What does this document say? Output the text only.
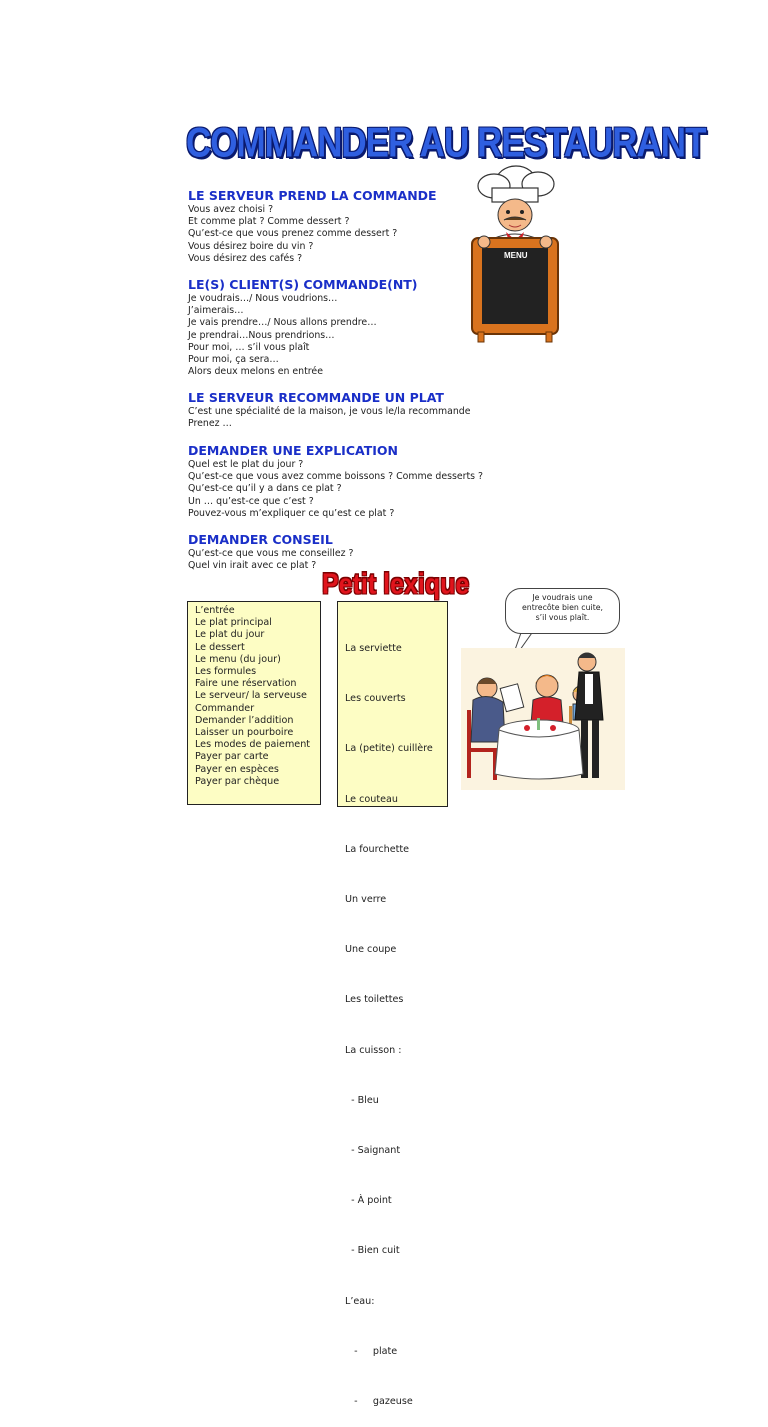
COMMANDER AU RESTAURANT
LE SERVEUR PREND LA COMMANDE
Vous avez choisi ?
Et comme plat ? Comme dessert ?
Qu’est-ce que vous prenez comme dessert ?
Vous désirez boire du vin ?
Vous désirez des cafés ?
LE(S) CLIENT(S) COMMANDE(NT)
Je voudrais…/ Nous voudrions…
J’aimerais…
Je vais prendre…/ Nous allons prendre…
Je prendrai…Nous prendrions…
Pour moi, … s’il vous plaît
Pour moi, ça sera…
Alors deux melons en entrée
LE SERVEUR RECOMMANDE UN PLAT
C’est une spécialité de la maison, je vous le/la recommande
Prenez …
DEMANDER UNE EXPLICATION
Quel est le plat du jour ?
Qu’est-ce que vous avez comme boissons ? Comme desserts ?
Qu’est-ce qu’il y a dans ce plat ?
Un … qu’est-ce que c’est ?
Pouvez-vous m’expliquer ce qu’est ce plat ?
DEMANDER CONSEIL
Qu’est-ce que vous me conseillez ?
Quel vin irait avec ce plat ?
MENU
Petit lexique
L’entrée
Le plat principal
Le plat du jour
Le dessert
Le menu (du jour)
Les formules
Faire une réservation
Le serveur/ la serveuse
Commander
Demander l’addition
Laisser un pourboire
Les modes de paiement
Payer par carte
Payer en espèces
Payer par chèque

La serviette

Les couverts

La (petite) cuillère

Le couteau

La fourchette

Un verre

Une coupe

Les toilettes

La cuisson :

- Bleu

- Saignant

- À point

- Bien cuit

L’eau:

-     plate

-     gazeuse

Je voudrais une
entrecôte bien cuite,
s’il vous plaît.
